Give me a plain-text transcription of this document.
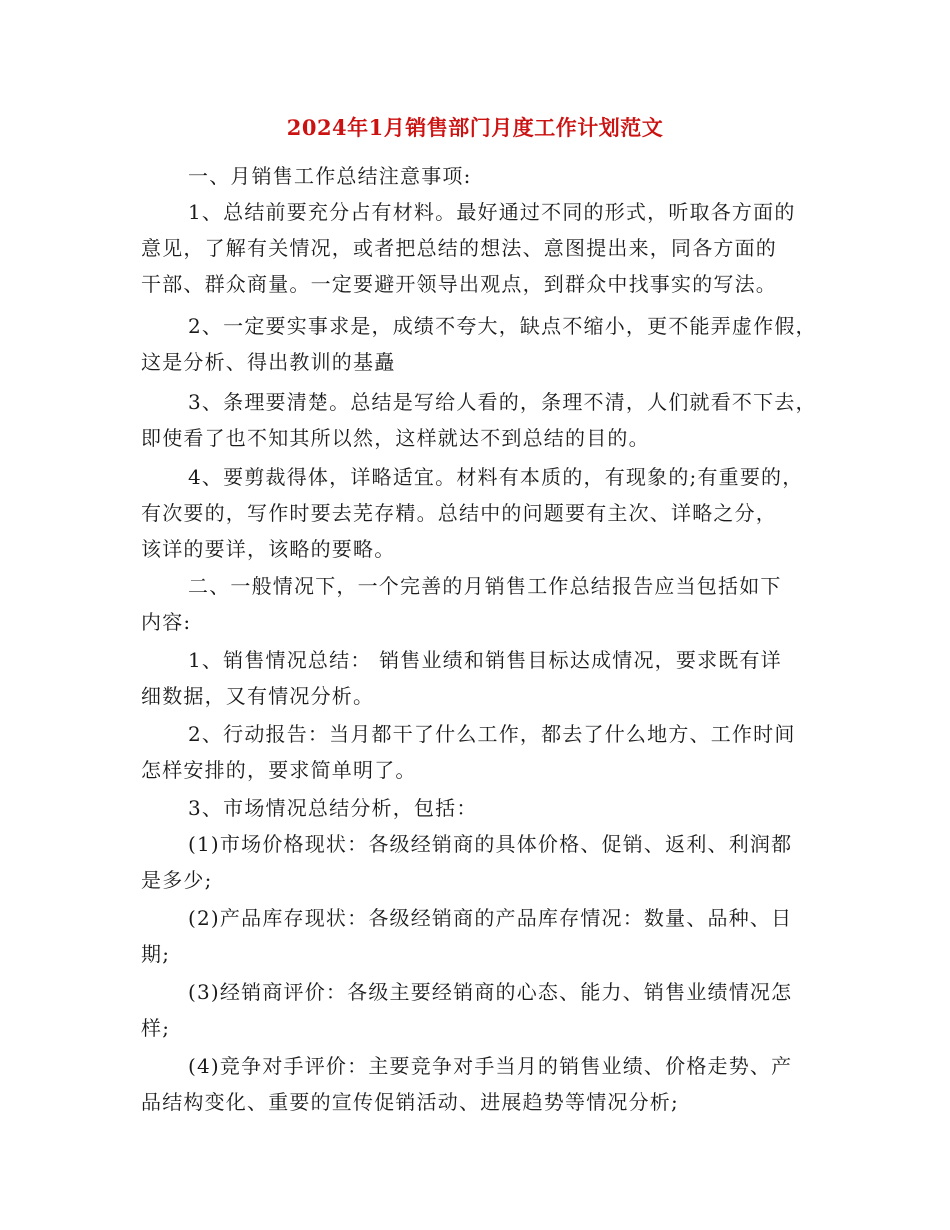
2024年1月销售部门月度工作计划范文
一、月销售工作总结注意事项:
1、总结前要充分占有材料。最好通过不同的形式，听取各方面的
意见，了解有关情况，或者把总结的想法、意图提出来，同各方面的
干部、群众商量。一定要避开领导出观点，到群众中找事实的写法。
2、一定要实事求是，成绩不夸大，缺点不缩小，更不能弄虚作假，
这是分析、得出教训的基矗
3、条理要清楚。总结是写给人看的，条理不清，人们就看不下去，
即使看了也不知其所以然，这样就达不到总结的目的。
4、要剪裁得体，详略适宜。材料有本质的，有现象的;有重要的，
有次要的，写作时要去芜存精。总结中的问题要有主次、详略之分，
该详的要详，该略的要略。
二、一般情况下，一个完善的月销售工作总结报告应当包括如下
内容:
1、销售情况总结： 销售业绩和销售目标达成情况，要求既有详
细数据，又有情况分析。
2、行动报告：当月都干了什么工作，都去了什么地方、工作时间
怎样安排的，要求简单明了。
3、市场情况总结分析，包括：
(1)市场价格现状：各级经销商的具体价格、促销、返利、利润都
是多少;
(2)产品库存现状：各级经销商的产品库存情况：数量、品种、日
期;
(3)经销商评价：各级主要经销商的心态、能力、销售业绩情况怎
样;
(4)竞争对手评价：主要竞争对手当月的销售业绩、价格走势、产
品结构变化、重要的宣传促销活动、进展趋势等情况分析;
